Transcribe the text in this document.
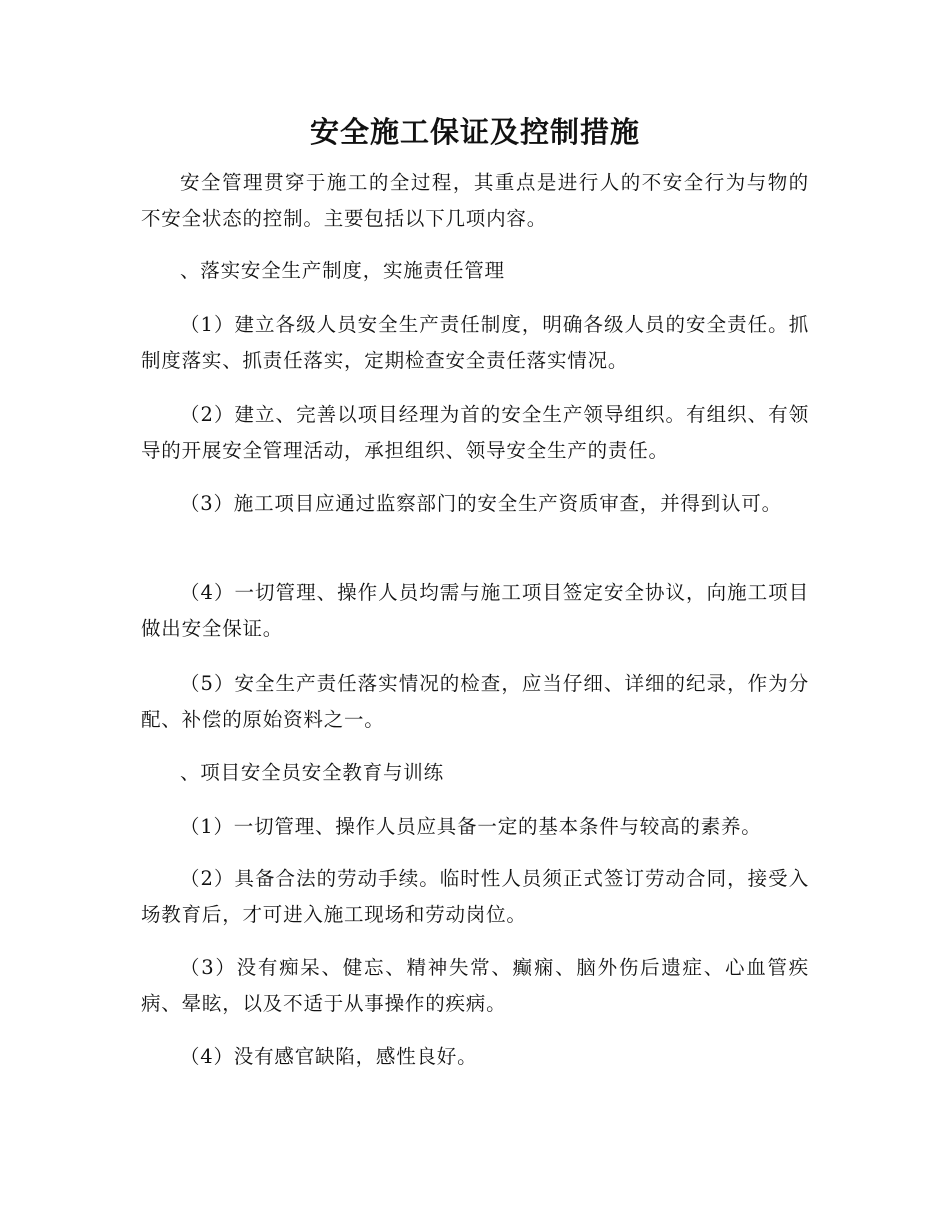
安全施工保证及控制措施

安全管理贯穿于施工的全过程，其重点是进行人的不安全行为与物的不安全状态的控制。主要包括以下几项内容。

、落实安全生产制度，实施责任管理

（1）建立各级人员安全生产责任制度，明确各级人员的安全责任。抓制度落实、抓责任落实，定期检查安全责任落实情况。

（2）建立、完善以项目经理为首的安全生产领导组织。有组织、有领导的开展安全管理活动，承担组织、领导安全生产的责任。

（3）施工项目应通过监察部门的安全生产资质审查，并得到认可。

（4）一切管理、操作人员均需与施工项目签定安全协议，向施工项目做出安全保证。

（5）安全生产责任落实情况的检查，应当仔细、详细的纪录，作为分配、补偿的原始资料之一。

、项目安全员安全教育与训练

（1）一切管理、操作人员应具备一定的基本条件与较高的素养。

（2）具备合法的劳动手续。临时性人员须正式签订劳动合同，接受入场教育后，才可进入施工现场和劳动岗位。

（3）没有痴呆、健忘、精神失常、癫痫、脑外伤后遗症、心血管疾病、晕眩，以及不适于从事操作的疾病。

（4）没有感官缺陷，感性良好。
